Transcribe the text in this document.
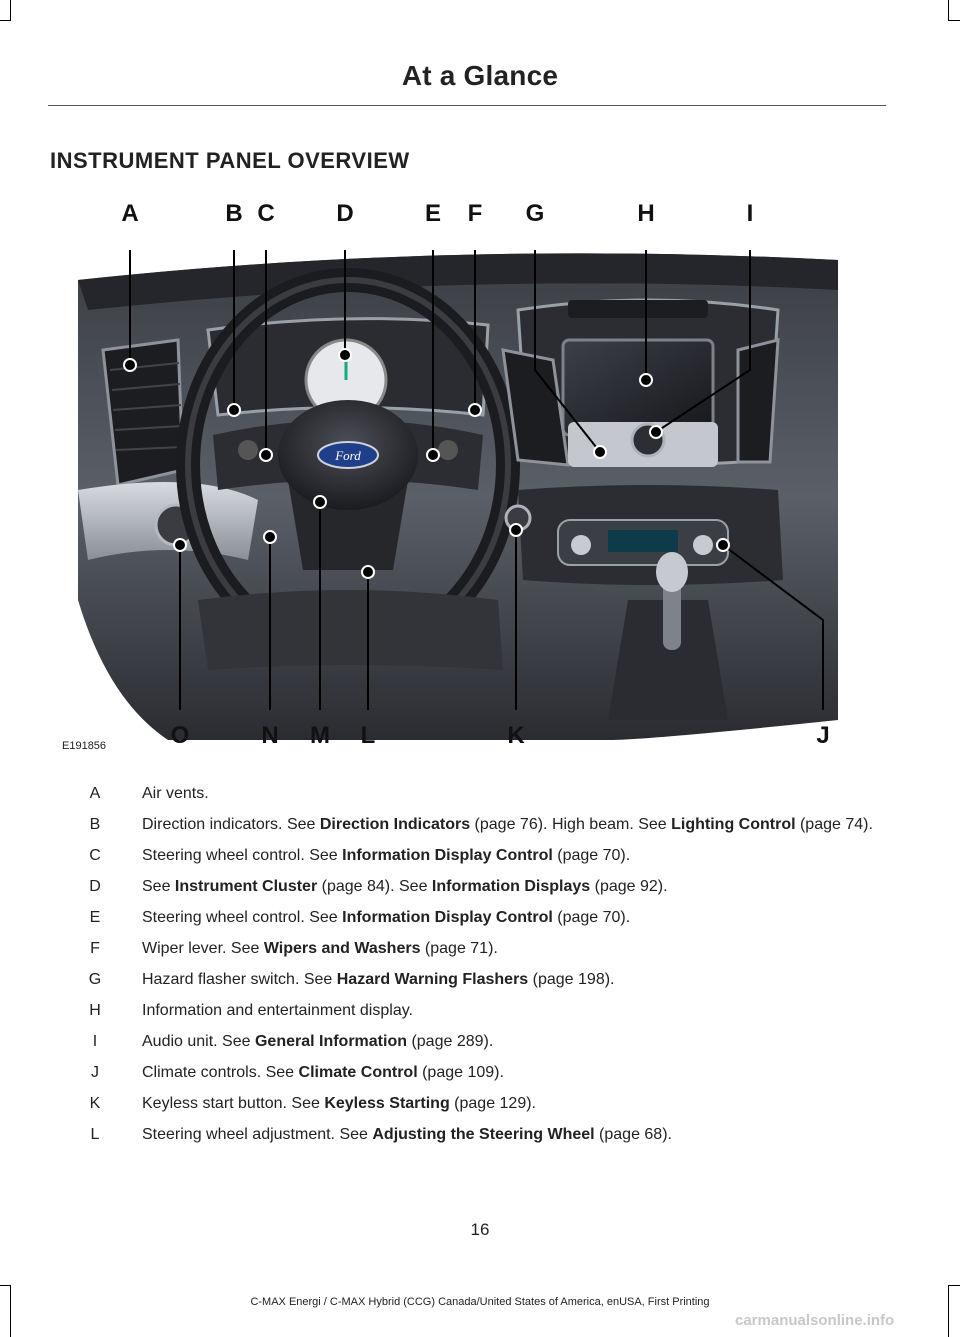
At a Glance
INSTRUMENT PANEL OVERVIEW
Ford
A	B C	D	E F G	H	I
O	N M L	K	J
E191856
A	Air vents.
B	Direction indicators. See Direction Indicators (page 76). High beam. See Lighting Control (page 74).
C	Steering wheel control. See Information Display Control (page 70).
D	See Instrument Cluster (page 84). See Information Displays (page 92).
E	Steering wheel control. See Information Display Control (page 70).
F	Wiper lever. See Wipers and Washers (page 71).
G	Hazard flasher switch. See Hazard Warning Flashers (page 198).
H	Information and entertainment display.
I	Audio unit. See General Information (page 289).
J	Climate controls. See Climate Control (page 109).
K	Keyless start button. See Keyless Starting (page 129).
L	Steering wheel adjustment. See Adjusting the Steering Wheel (page 68).
16
C-MAX Energi / C-MAX Hybrid (CCG) Canada/United States of America, enUSA, First Printing
carmanualsonline.info
